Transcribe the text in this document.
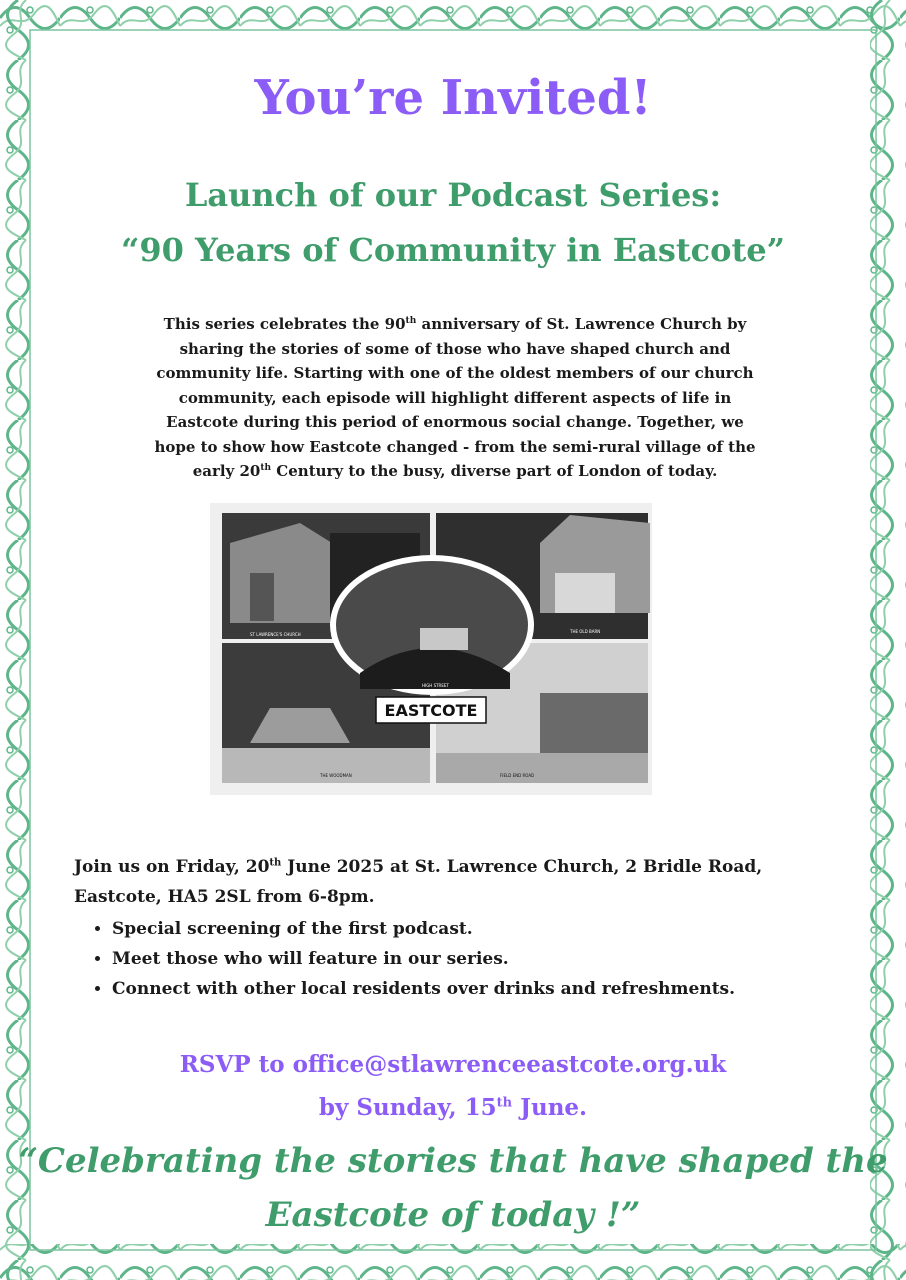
You’re Invited!
Launch of our Podcast Series:
“90 Years of Community in Eastcote”
This series celebrates the 90th anniversary of St. Lawrence Church by sharing the stories of some of those who have shaped church and community life. Starting with one of the oldest members of our church community, each episode will highlight different aspects of life in Eastcote during this period of enormous social change. Together, we hope to show how Eastcote changed - from the semi-rural village of the early 20th Century to the busy, diverse part of London of today.
EASTCOTE
ST LAWRENCE'S CHURCH
THE OLD BARN
HIGH STREET
THE WOODMAN	FIELD END ROAD
Join us on Friday, 20th June 2025 at St. Lawrence Church, 2 Bridle Road,
Eastcote, HA5 2SL from 6-8pm.
• Special screening of the first podcast.
• Meet those who will feature in our series.
• Connect with other local residents over drinks and refreshments.
RSVP to office@stlawrenceeastcote.org.uk
by Sunday, 15th June.
“Celebrating the stories that have shaped the
Eastcote of today !”
